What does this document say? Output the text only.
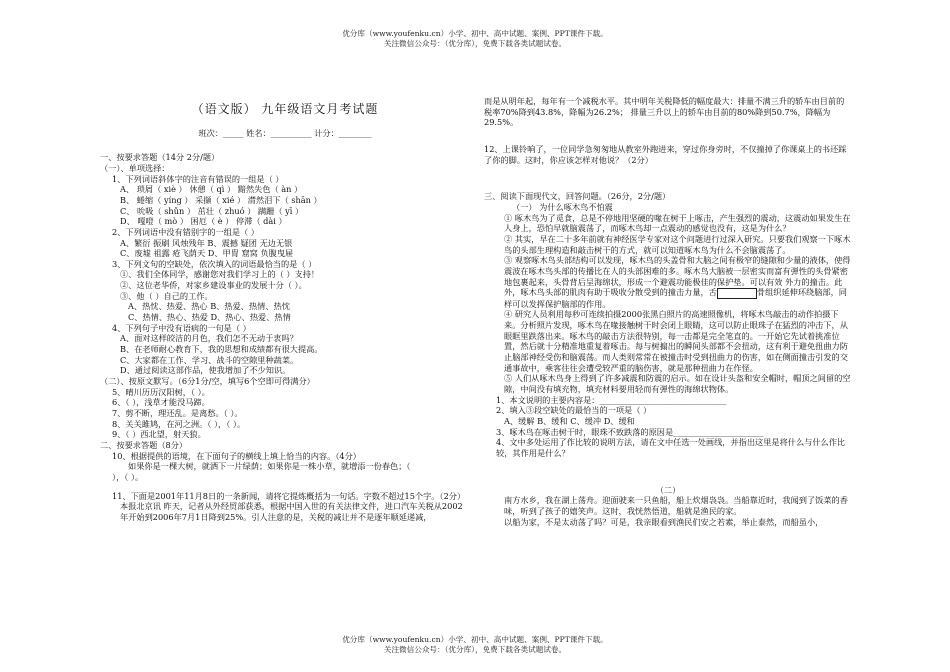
优分库（www.youfenku.cn）小学、初中、高中试题、案例、PPT课件下载。
关注微信公众号：（优分库），免费下载各类试题试卷。
（语文版） 九年级语文月考试题
班次：_____ 姓名：__________ 计分：________

一、按要求答题（14分 2分/题）

（一）、单项选择：

1、下列词语斜体字的注音有错误的一组是（ ）

A、 琐屑（ xiè ） 休憩（ qì ） 黯然失色（ àn ）

B、 蜷缩（ yíng ） 采撷（ xié ） 潸然泪下（ shān ）

C、 吮吸（ shǔn ） 茁壮（ zhuó ） 蹒跚（ yī ）

D、 嘎噔（ mò ） 困厄（ è ） 停滞（ dài ）

2、下列词语中没有错别字的一组是（ ）

A、繁衍 振刷 风烛残年 B、震撼 疑团 无边无银

C、废墟 祖露 疮飞荫天 D、甲胄 窟窝 负腹曳屉

3、下列文句的空缺处，依次填入的词语最恰当的是（ ）

①、我们全体同学，感谢您对我们学习上的（ ）支持！

②、这位老华侨，对家乡建设事业的发展十分（ ）。

③、他（ ）自己的工作。

A、热忱、热爱、热心 B、热爱、热情、热忱

C、热情、热心、热爱 D、热心、热爱、热情

4、下列句子中没有语病的一句是（ ）

A、面对这样皎洁的月色，我们怎不无动于衷吗？

B、在老师耐心教育下，我的思想和成绩都有很大提高。

C、大家都在工作、学习、战斗的空隙里种蔬菜。

D、通过阅读这部作品，使我增加了不少知识。

（二）、按原文默写。（6分1分/空，填写6个空即可得满分）

5、晴川历历汉阳树，（ ）。

6、（ ），浅草才能没马蹄。

7、剪不断，理还乱。是离愁。（ ）。

8、关关雎鸠，在河之洲。（ ），（ ）。

9、（ ）西北望，射天狼。

二、按要求答题（8分）

10、根据提供的语境，在下面句子的横线上填上恰当的内容。（4分）

如果你是一棵大树，就洒下一片绿荫；如果你是一株小草，就增添一份春色；（

），（ ）。

11、下面是2001年11月8日的一条新闻，请将它提炼概括为一句话。字数不超过15个字。（2分）

本报北京讯 昨天，记者从外经贸部获悉，根据中国入世的有关法律文件，进口汽车关税从2002年开始到2006年7月1日降到25%。引人注意的是，关税的减让并不是逐年顺延递减，

而是从明年起，每年有一个减税水平。其中明年关税降低的幅度最大：排量不满三升的轿车由目前的税率70%降到43.8%，降幅为26.2%； 排量三升以上的轿车由目前的80%降到50.7%，降幅为29.5%。

12、上课铃响了，一位同学急匆匆地从教室外跑进来，穿过你身旁时，不仅撞掉了你课桌上的书还踩了你的脚。这时，你应该怎样对他说？（2分）

三、阅读下面现代文，回答问题。（26分，2分/题）

（一） 为什么啄木鸟不怕震

① 啄木鸟为了觅食，总是不停地用坚硬的喙在树干上啄击，产生强烈的震动，这震动如果发生在人身上，恐怕早就脑震荡了，而啄木鸟却一点震动的感觉也没有，这是为什么？

② 其实，早在二十多年前就有神经医学专家对这个问题进行过深入研究。只要我们观察一下啄木鸟的头部生理构造和敲击树干的方式，就可以知道啄木鸟为什么不会脑震荡了。

③ 观察啄木鸟头部结构可以发现，啄木鸟的头盖骨和大脑之间有极窄的缝隙和少量的液体，使得震波在啄木鸟头部的传播比在人的头部困难的多。啄木鸟大脑被一层密实而富有弹性的头骨紧密地包裹起来，头骨背后呈海绵状，形成一个避震功能极佳的保护垫。可以有效 外力的撞击。此外，啄木鸟头部的肌肉有助于吸收分散受到的撞击力量，舌	骨组织延伸环绕脑部，同样可以发挥保护脑部的作用。

④ 研究人员利用每秒可连续拍摄2000张黑白照片的高速照像机，将啄木鸟敲击的动作拍摄下来。分析照片发现，啄木鸟在喙接触树干时会闭上眼睛，这可以防止眼珠子在猛烈的冲击下，从眼眶里跌落出来。啄木鸟的敲击方法很特别，每一击都是完全笔直的。一开始它先试着挑准位置，然后就十分精准地重复着啄击。每与树搧出的瞬间头部都不会扭动，这有利于避免扭曲力防止脑部神经受伤和脑震荡。而人类则常常在被撞击时受到扭曲力的伤害，如在侧面撞击引发的交通事故中，乘客往往会遭受较严重的脑伤害，就是那种扭曲力在作怪。

⑤ 人们从啄木鸟身上得到了许多减震和防震的启示。如在设计头盔和安全帽时，帽顶之间留的空隙，中间没有填充物，填充材料要用轻而有弹性的海绵状物体。

1、本文说明的主要内容是：_______________________________

2、填入③段空缺处的最恰当的一项是（ ）

A、缓解 B、缓和 C、缓冲 D、缓和

3、啄木鸟在啄击树干时，眼珠不致跌落的原因是______________________

4、文中多处运用了作比较的说明方法，请在文中任选一处画线，并指出这里是将什么与什么作比较，其作用是什么？

（二）

南方水乡，我在湖上荡舟。迎面驶来一只鱼船，船上炊烟袅袅。当船靠近时，我闻到了饭菜的香味，听到了孩子的嬉笑声。这时，我恍然悟道，船就是渔民的家。

以船为家，不是太动荡了吗？可是，我亲眼看到渔民们安之若素，举止泰然，而船虽小，

优分库（www.youfenku.cn）小学、初中、高中试题、案例、PPT课件下载。
关注微信公众号：（优分库），免费下载各类试题试卷。
